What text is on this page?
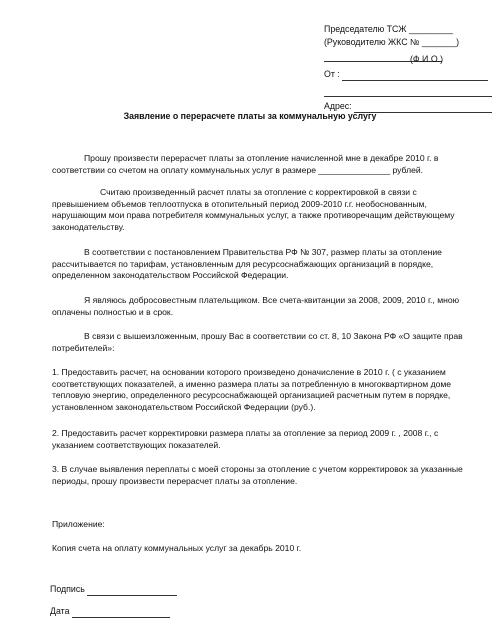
Председателю ТСЖ _________
(Руководителю ЖКС № _______)
(Ф.И.О.)
От :
Адрес:
Заявление о перерасчете платы за коммунальную услугу

Прошу произвести перерасчет платы за отопление начисленной мне в декабре 2010 г. в соответствии со счетом на оплату коммунальных услуг в размере _______________ рублей.

Считаю произведенный расчет платы за отопление с корректировкой в связи с превышением объемов теплоотпуска в отопительный период 2009-2010 г.г. необоснованным, нарушающим мои права потребителя коммунальных услуг, а также противоречащим действующему законодательству.

В соответствии с постановлением Правительства РФ № 307, размер платы за отопление рассчитывается по тарифам, установленным для ресурсоснабжающих организаций в порядке, определенном законодательством Российской Федерации.

Я являюсь добросовестным плательщиком. Все счета-квитанции за 2008, 2009, 2010 г., мною оплачены полностью и в срок.

В связи с вышеизложенным, прошу Вас в соответствии со ст. 8, 10 Закона РФ «О защите прав потребителей»:

1. Предоставить расчет, на основании которого произведено доначисление в 2010 г. ( с указанием соответствующих показателей, а именно размера платы за потребленную в многоквартирном доме тепловую энергию, определенного ресурсоснабжающей организацией расчетным путем в порядке, установленном законодательством Российской Федерации (руб.).

2. Предоставить расчет корректировки размера платы за отопление за период 2009 г. , 2008 г., с указанием соответствующих показателей.

3. В случае выявления переплаты с моей стороны за отопление с учетом корректировок за указанные периоды, прошу произвести перерасчет платы за отопление.

Приложение:

Копия счета на оплату коммунальных услуг за декабрь 2010 г.

Подпись
Дата
